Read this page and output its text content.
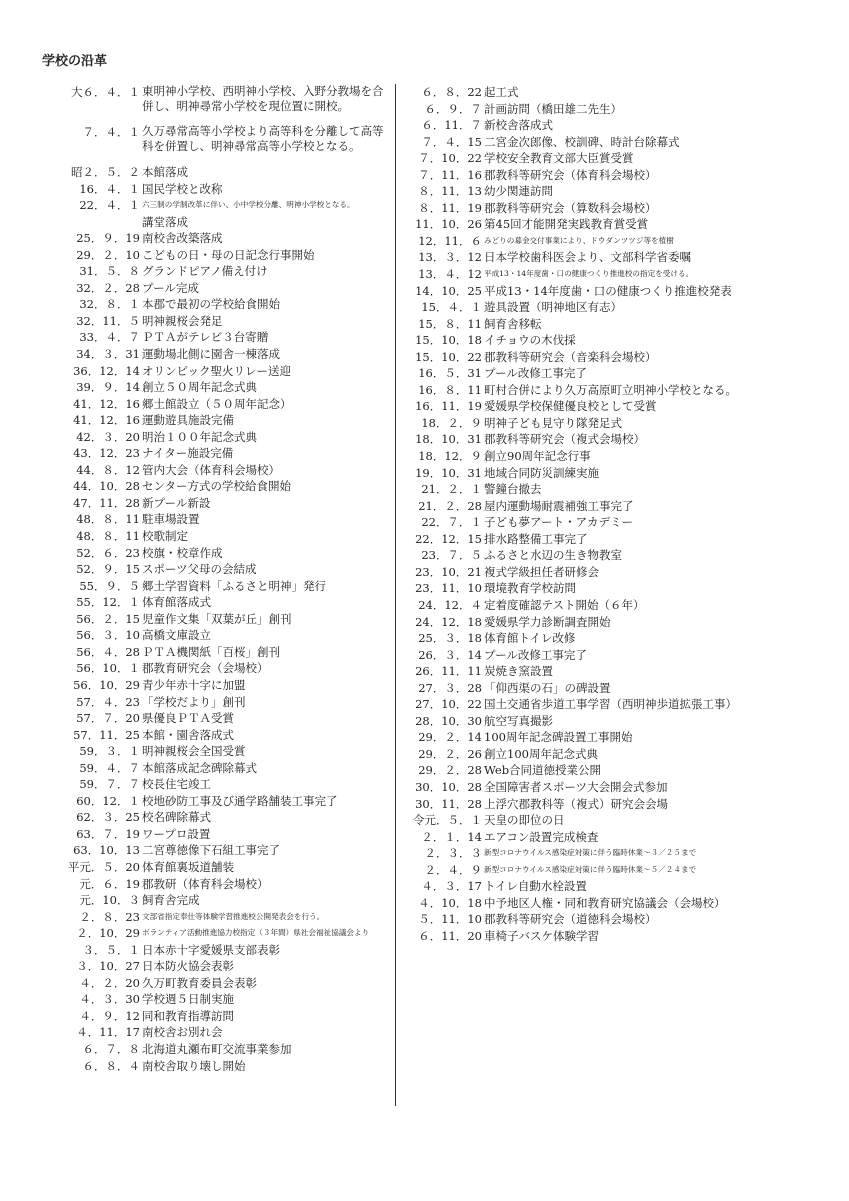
学校の沿革
大６．４．１ 東明神小学校、西明神小学校、入野分教場を合併し、明神尋常小学校を現位置に開校。
７．４．１ 久万尋常高等小学校より高等科を分離して高等科を併置し、明神尋常高等小学校となる。
昭２．５．２ 本館落成
16．４．１ 国民学校と改称
22．４．１ 六三制の学制改革に伴い、小中学校分離、明神小学校となる。
講堂落成
25．９．19 南校舎改築落成
29．２．10 こどもの日・母の日記念行事開始
31．５．８ グランドピアノ備え付け
32．２．28 プール完成
32．８．１ 本郡で最初の学校給食開始
32．11．５ 明神親桜会発足
33．４．７ ＰＴＡがテレビ３台寄贈
34．３．31 運動場北側に園舎一棟落成
36．12．14 オリンピック聖火リレー送迎
39．９．14 創立５０周年記念式典
41．12．16 郷土館設立（５０周年記念）
41．12．16 運動遊具施設完備
42．３．20 明治１００年記念式典
43．12．23 ナイター施設完備
44．８．12 管内大会（体育科会場校）
44．10．28 センター方式の学校給食開始
47．11．28 新プール新設
48．８．11 駐車場設置
48．８．11 校歌制定
52．６．23 校旗・校章作成
52．９．15 スポーツ父母の会結成
55．９．５ 郷土学習資料「ふるさと明神」発行
55．12．１ 体育館落成式
56．２．15 児童作文集「双葉が丘」創刊
56．３．10 高橋文庫設立
56．４．28 ＰＴＡ機関紙「百桜」創刊
56．10．１ 郡教育研究会（会場校）
56．10．29 青少年赤十字に加盟
57．４．23 「学校だより」創刊
57．７．20 県優良ＰＴＡ受賞
57．11．25 本館・園舎落成式
59．３．１ 明神親桜会全国受賞
59．４．７ 本館落成記念碑除幕式
59．７．７ 校長住宅竣工
60．12．１ 校地砂防工事及び通学路舗装工事完了
62．３．25 校名碑除幕式
63．７．19 ワープロ設置
63．10．13 二宮尊徳像下石組工事完了
平元．５．20 体育館裏坂道舗装
元．６．19 郡教研（体育科会場校）
元．10．３ 飼育舎完成
２．８．23 文部省指定奉仕等体験学習推進校公開発表会を行う。
２．10．29 ボランティア活動推進協力校指定（３年間）県社会福祉協議会より
３．５．１ 日本赤十字愛媛県支部表彰
３．10．27 日本防火協会表彰
４．２．20 久万町教育委員会表彰
４．３．30 学校週５日制実施
４．９．12 同和教育指導訪問
４．11．17 南校舎お別れ会
６．７．８ 北海道丸瀬布町交流事業参加
６．８．４ 南校舎取り壊し開始
６．８．22 起工式
６．９．７ 計画訪問（橋田雄二先生）
６．11．７ 新校舎落成式
７．４．15 二宮金次郎像、校訓碑、時計台除幕式
７．10．22 学校安全教育文部大臣賞受賞
７．11．16 郡教科等研究会（体育科会場校）
８．11．13 幼少関連訪問
８．11．19 郡教科等研究会（算数科会場校）
11．10．26 第45回才能開発実践教育賞受賞
12．11．６ みどりの募金交付事業により、ドウダンツツジ等を植樹
13．３．12 日本学校歯科医会より、文部科学省委嘱
13．４．12 平成13・14年度歯・口の健康つくり推進校の指定を受ける。
14．10．25 平成13・14年度歯・口の健康つくり推進校発表
15．４．１ 遊具設置（明神地区有志）
15．８．11 飼育舎移転
15．10．18 イチョウの木伐採
15．10．22 郡教科等研究会（音楽科会場校）
16．５．31 プール改修工事完了
16．８．11 町村合併により久万高原町立明神小学校となる。
16．11．19 愛媛県学校保健優良校として受賞
18．２．９ 明神子ども見守り隊発足式
18．10．31 郡教科等研究会（複式会場校）
18．12．９ 創立90周年記念行事
19．10．31 地域合同防災訓練実施
21．２．１ 警鐘台撤去
21．２．28 屋内運動場耐震補強工事完了
22．７．１ 子ども夢アート・アカデミー
22．12．15 排水路整備工事完了
23．７．５ ふるさと水辺の生き物教室
23．10．21 複式学級担任者研修会
23．11．10 環境教育学校訪問
24．12．４ 定着度確認テスト開始（６年）
24．12．18 愛媛県学力診断調査開始
25．３．18 体育館トイレ改修
26．３．14 プール改修工事完了
26．11．11 炭焼き窯設置
27．３．28 「仰西渠の石」の碑設置
27．10．22 国土交通省歩道工事学習（西明神歩道拡張工事）
28．10．30 航空写真撮影
29．２．14 100周年記念碑設置工事開始
29．２．26 創立100周年記念式典
29．２．28 Web合同道徳授業公開
30．10．28 全国障害者スポーツ大会開会式参加
30．11．28 上浮穴郡教科等（複式）研究会会場
令元．５．１ 天皇の即位の日
２．１．14 エアコン設置完成検査
２．３．３ 新型コロナウイルス感染症対策に伴う臨時休業～３／２５まで
２．４．９ 新型コロナウイルス感染症対策に伴う臨時休業～５／２４まで
４．３．17 トイレ自動水栓設置
４．10．18 中予地区人権・同和教育研究協議会（会場校）
５．11．10 郡教科等研究会（道徳科会場校）
６．11．20 車椅子バスケ体験学習
